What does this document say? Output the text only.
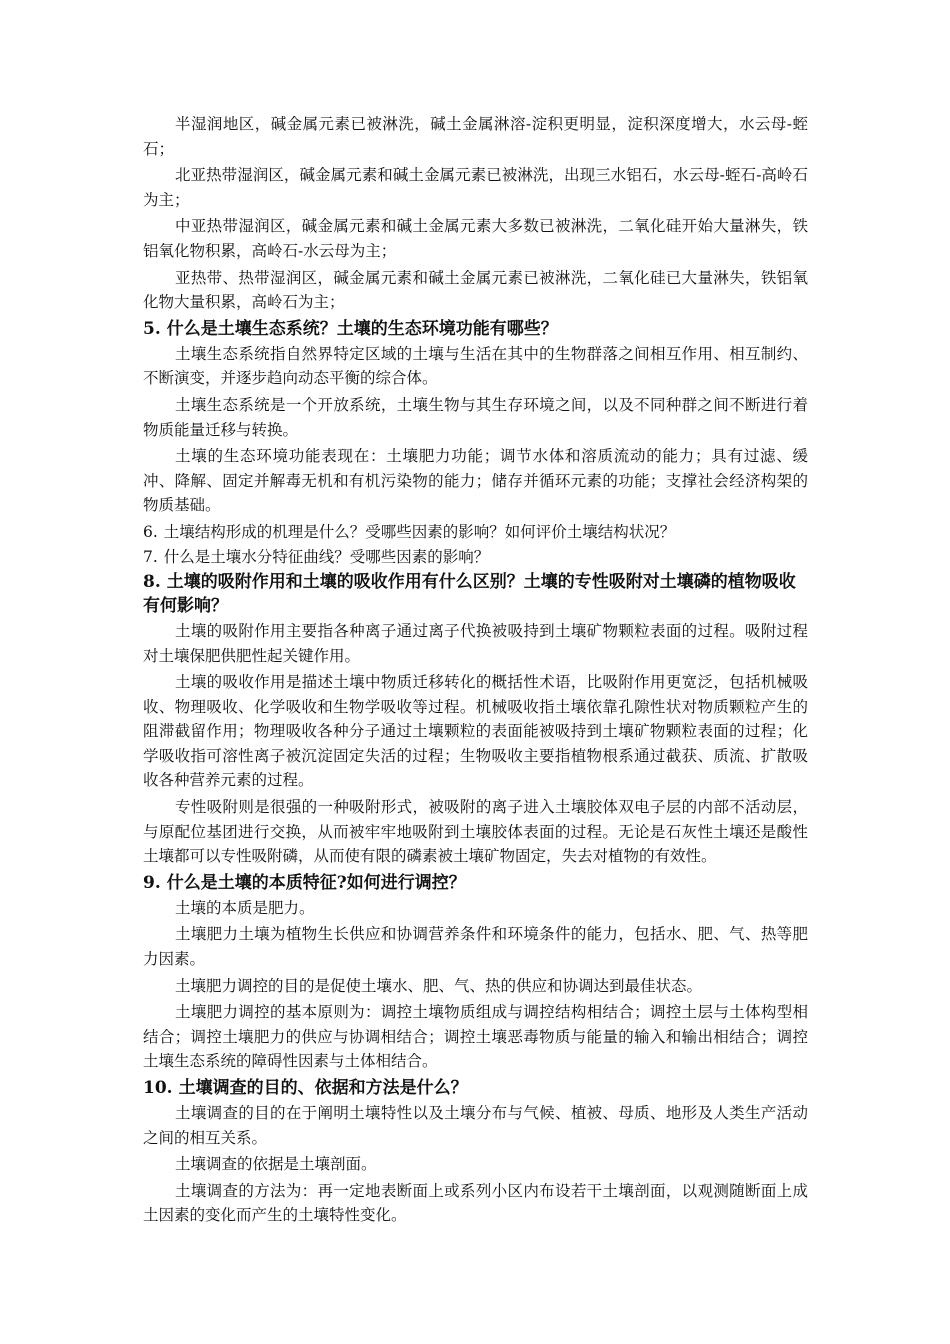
半湿润地区，碱金属元素已被淋洗，碱土金属淋溶-淀积更明显，淀积深度增大，水云母-蛭石；

北亚热带湿润区，碱金属元素和碱土金属元素已被淋洗，出现三水铝石，水云母-蛭石-高岭石为主；

中亚热带湿润区，碱金属元素和碱土金属元素大多数已被淋洗，二氧化硅开始大量淋失，铁铝氧化物积累，高岭石-水云母为主；

亚热带、热带湿润区，碱金属元素和碱土金属元素已被淋洗，二氧化硅已大量淋失，铁铝氧化物大量积累，高岭石为主；

5. 什么是土壤生态系统？土壤的生态环境功能有哪些？

土壤生态系统指自然界特定区域的土壤与生活在其中的生物群落之间相互作用、相互制约、不断演变，并逐步趋向动态平衡的综合体。

土壤生态系统是一个开放系统，土壤生物与其生存环境之间，以及不同种群之间不断进行着物质能量迁移与转换。

土壤的生态环境功能表现在：土壤肥力功能；调节水体和溶质流动的能力；具有过滤、缓冲、降解、固定并解毒无机和有机污染物的能力；储存并循环元素的功能；支撑社会经济构架的物质基础。

6. 土壤结构形成的机理是什么？受哪些因素的影响？如何评价土壤结构状况？
7. 什么是土壤水分特征曲线？受哪些因素的影响？
8. 土壤的吸附作用和土壤的吸收作用有什么区别？土壤的专性吸附对土壤磷的植物吸收有何影响？

土壤的吸附作用主要指各种离子通过离子代换被吸持到土壤矿物颗粒表面的过程。吸附过程对土壤保肥供肥性起关键作用。

土壤的吸收作用是描述土壤中物质迁移转化的概括性术语，比吸附作用更宽泛，包括机械吸收、物理吸收、化学吸收和生物学吸收等过程。机械吸收指土壤依靠孔隙性状对物质颗粒产生的阻滞截留作用；物理吸收各种分子通过土壤颗粒的表面能被吸持到土壤矿物颗粒表面的过程；化学吸收指可溶性离子被沉淀固定失活的过程；生物吸收主要指植物根系通过截获、质流、扩散吸收各种营养元素的过程。

专性吸附则是很强的一种吸附形式，被吸附的离子进入土壤胶体双电子层的内部不活动层，与原配位基团进行交换，从而被牢牢地吸附到土壤胶体表面的过程。无论是石灰性土壤还是酸性土壤都可以专性吸附磷，从而使有限的磷素被土壤矿物固定，失去对植物的有效性。

9. 什么是土壤的本质特征?如何进行调控？

土壤的本质是肥力。

土壤肥力土壤为植物生长供应和协调营养条件和环境条件的能力，包括水、肥、气、热等肥力因素。

土壤肥力调控的目的是促使土壤水、肥、气、热的供应和协调达到最佳状态。

土壤肥力调控的基本原则为：调控土壤物质组成与调控结构相结合；调控土层与土体构型相结合；调控土壤肥力的供应与协调相结合；调控土壤恶毒物质与能量的输入和输出相结合；调控土壤生态系统的障碍性因素与土体相结合。

10. 土壤调查的目的、依据和方法是什么？

土壤调查的目的在于阐明土壤特性以及土壤分布与气候、植被、母质、地形及人类生产活动之间的相互关系。

土壤调查的依据是土壤剖面。

土壤调查的方法为：再一定地表断面上或系列小区内布设若干土壤剖面，以观测随断面上成土因素的变化而产生的土壤特性变化。
